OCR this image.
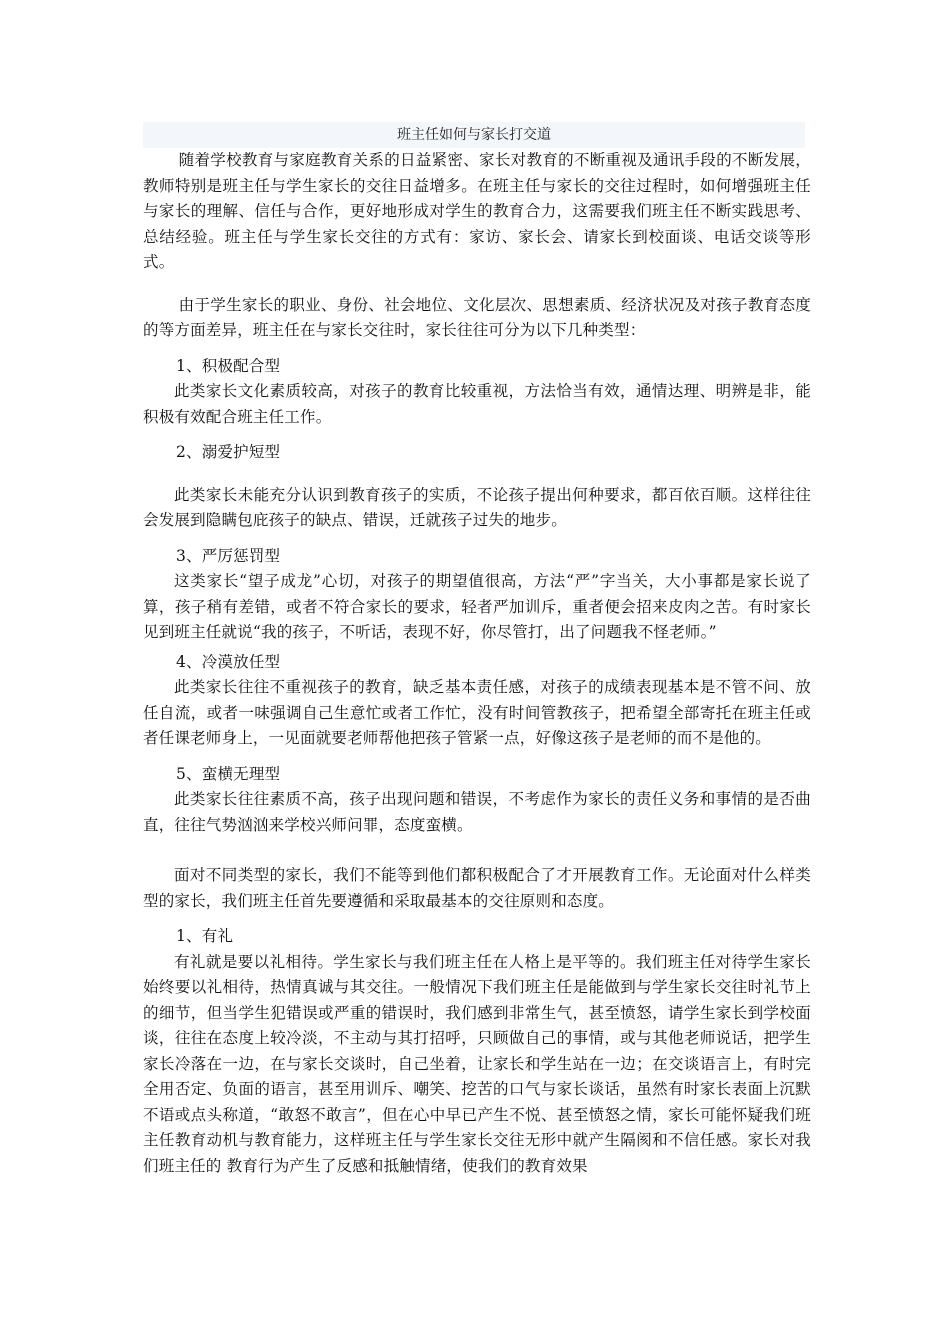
班主任如何与家长打交道

随着学校教育与家庭教育关系的日益紧密、家长对教育的不断重视及通讯手段的不断发展，教师特别是班主任与学生家长的交往日益增多。在班主任与家长的交往过程时，如何增强班主任与家长的理解、信任与合作，更好地形成对学生的教育合力，这需要我们班主任不断实践思考、总结经验。班主任与学生家长交往的方式有：家访、家长会、请家长到校面谈、电话交谈等形式。

由于学生家长的职业、身份、社会地位、文化层次、思想素质、经济状况及对孩子教育态度的等方面差异，班主任在与家长交往时，家长往往可分为以下几种类型：

1、积极配合型

此类家长文化素质较高，对孩子的教育比较重视，方法恰当有效，通情达理、明辨是非，能积极有效配合班主任工作。

2、溺爱护短型

此类家长未能充分认识到教育孩子的实质，不论孩子提出何种要求，都百依百顺。这样往往会发展到隐瞒包庇孩子的缺点、错误，迁就孩子过失的地步。

3、严厉惩罚型

这类家长“望子成龙”心切，对孩子的期望值很高，方法“严”字当关，大小事都是家长说了算，孩子稍有差错，或者不符合家长的要求，轻者严加训斥，重者便会招来皮肉之苦。有时家长见到班主任就说“我的孩子，不听话，表现不好，你尽管打，出了问题我不怪老师。”

4、冷漠放任型

此类家长往往不重视孩子的教育，缺乏基本责任感，对孩子的成绩表现基本是不管不问、放任自流，或者一味强调自己生意忙或者工作忙，没有时间管教孩子，把希望全部寄托在班主任或者任课老师身上，一见面就要老师帮他把孩子管紧一点，好像这孩子是老师的而不是他的。

5、蛮横无理型

此类家长往往素质不高，孩子出现问题和错误，不考虑作为家长的责任义务和事情的是否曲直，往往气势汹汹来学校兴师问罪，态度蛮横。

面对不同类型的家长，我们不能等到他们都积极配合了才开展教育工作。无论面对什么样类型的家长，我们班主任首先要遵循和采取最基本的交往原则和态度。

1、有礼

有礼就是要以礼相待。学生家长与我们班主任在人格上是平等的。我们班主任对待学生家长始终要以礼相待，热情真诚与其交往。一般情况下我们班主任是能做到与学生家长交往时礼节上的细节，但当学生犯错误或严重的错误时，我们感到非常生气，甚至愤怒，请学生家长到学校面谈，往往在态度上较冷淡，不主动与其打招呼，只顾做自己的事情，或与其他老师说话，把学生家长冷落在一边，在与家长交谈时，自己坐着，让家长和学生站在一边；在交谈语言上，有时完全用否定、负面的语言，甚至用训斥、嘲笑、挖苦的口气与家长谈话，虽然有时家长表面上沉默不语或点头称道，“敢怒不敢言”，但在心中早已产生不悦、甚至愤怒之情，家长可能怀疑我们班主任教育动机与教育能力，这样班主任与学生家长交往无形中就产生隔阂和不信任感。家长对我们班主任的 教育行为产生了反感和抵触情绪，使我们的教育效果
